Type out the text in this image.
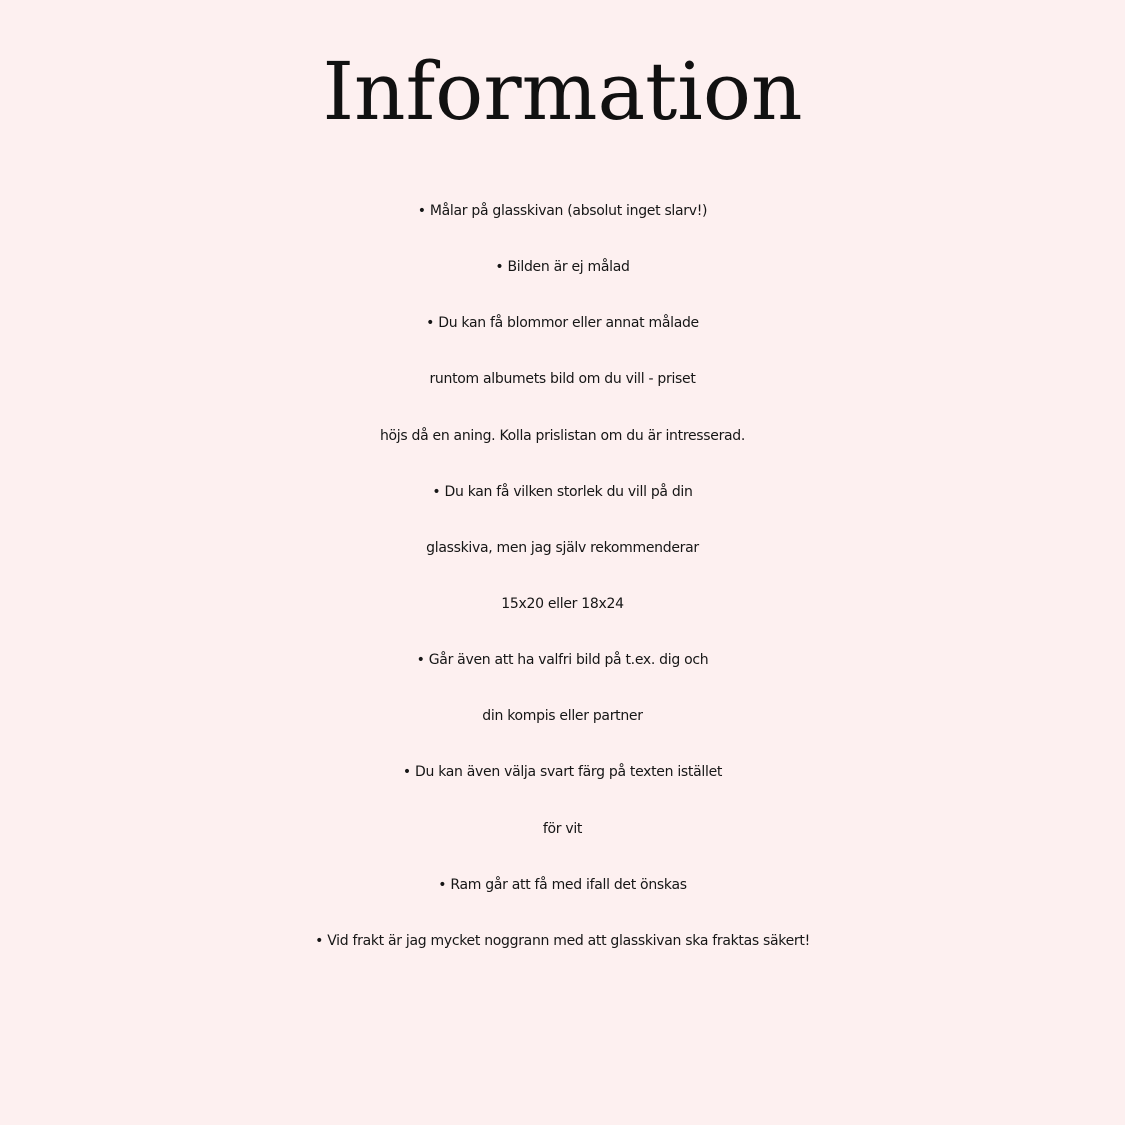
Information
• Målar på glasskivan (absolut inget slarv!)
• Bilden är ej målad
• Du kan få blommor eller annat målade
runtom albumets bild om du vill - priset
höjs då en aning. Kolla prislistan om du är intresserad.
• Du kan få vilken storlek du vill på din
glasskiva, men jag själv rekommenderar
15x20 eller 18x24
• Går även att ha valfri bild på t.ex. dig och
din kompis eller partner
• Du kan även välja svart färg på texten istället
för vit
• Ram går att få med ifall det önskas
• Vid frakt är jag mycket noggrann med att glasskivan ska fraktas säkert!
